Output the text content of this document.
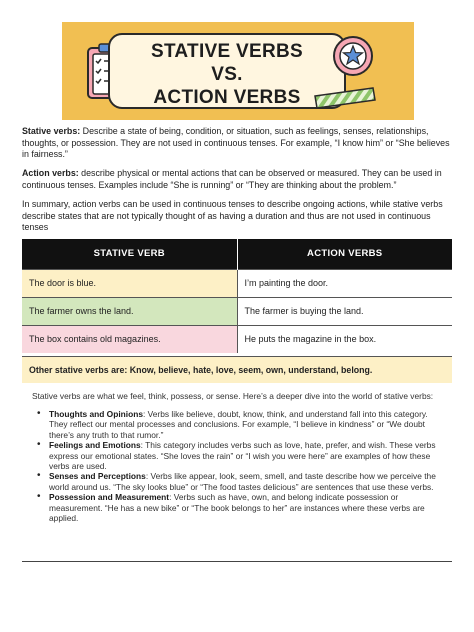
STATIVE VERBS
VS.
ACTION VERBS

Stative verbs: Describe a state of being, condition, or situation, such as feelings, senses, relationships, thoughts, or possession. They are not used in continuous tenses. For example, “I know him” or “She believes in fairness.”

Action verbs: describe physical or mental actions that can be observed or measured. They can be used in continuous tenses. Examples include “She is running” or “They are thinking about the problem.”

In summary, action verbs can be used in continuous tenses to describe ongoing actions, while stative verbs describe states that are not typically thought of as having a duration and thus are not used in continuous tenses

STATIVE VERB	ACTION VERBS
The door is blue.	I’m painting the door.
The farmer owns the land.	The farmer is buying the land.
The box contains old magazines.	He puts the magazine in the box.
Other stative verbs are: Know, believe, hate, love, seem, own, understand, belong.

Stative verbs are what we feel, think, possess, or sense. Here’s a deeper dive into the world of stative verbs:

• Thoughts and Opinions: Verbs like believe, doubt, know, think, and understand fall into this category. They reflect our mental processes and conclusions. For example, “I believe in kindness” or “We doubt there’s any truth to that rumor.”
• Feelings and Emotions: This category includes verbs such as love, hate, prefer, and wish. These verbs express our emotional states. “She loves the rain” or “I wish you were here” are examples of how these verbs are used.
• Senses and Perceptions: Verbs like appear, look, seem, smell, and taste describe how we perceive the world around us. “The sky looks blue” or “The food tastes delicious” are sentences that use these verbs.
• Possession and Measurement: Verbs such as have, own, and belong indicate possession or measurement. “He has a new bike” or “The book belongs to her” are instances where these verbs are applied.
